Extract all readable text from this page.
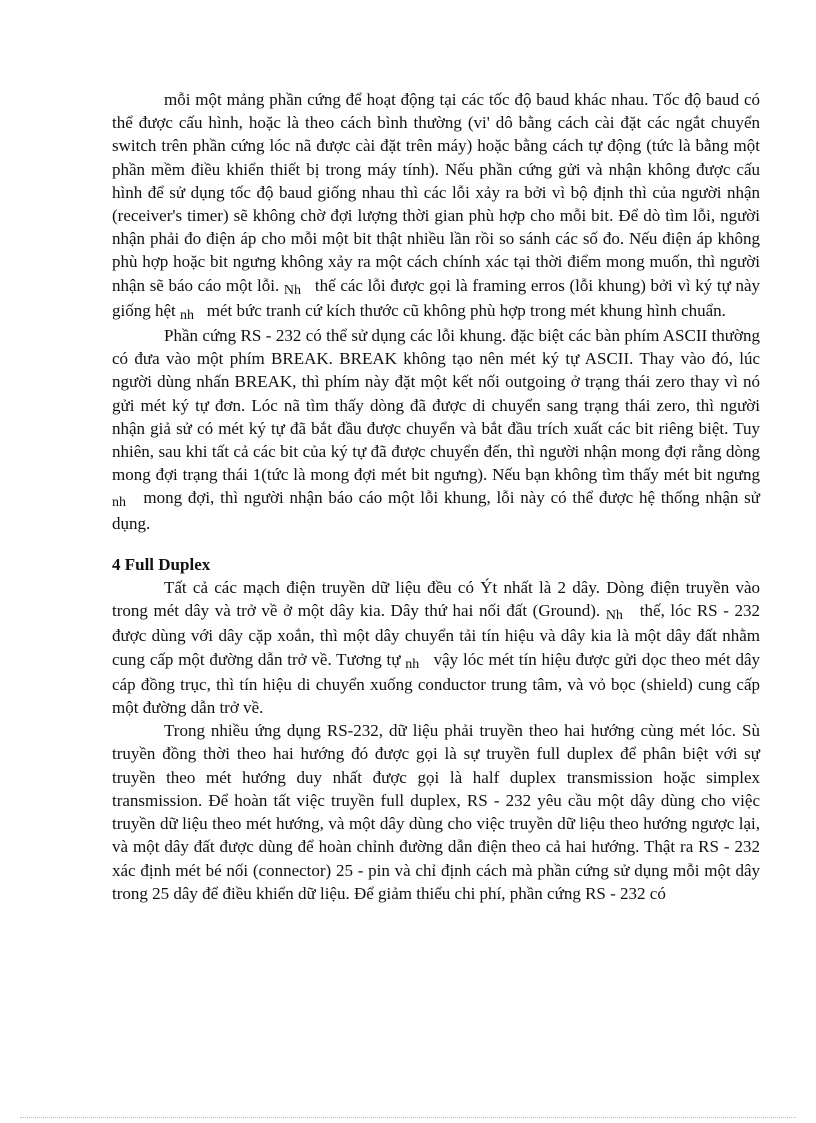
mỗi một mảng phần cứng để hoạt động tại các tốc độ baud khác nhau. Tốc độ baud có thể được cấu hình, hoặc là theo cách bình thường (vi' dô bằng cách cài đặt các ngắt chuyển switch trên phần cứng lóc nã được cài đặt trên máy) hoặc bằng cách tự động (tức là bằng một phần mềm điều khiển thiết bị trong máy tính). Nếu phần cứng gửi và nhận không được cấu hình để sử dụng tốc độ baud giống nhau thì các lỗi xảy ra bởi vì bộ định thì của người nhận (receiver's timer) sẽ không chờ đợi lượng thời gian phù hợp cho mỗi bit. Để dò tìm lỗi, người nhận phải đo điện áp cho mỗi một bit thật nhiều lần rồi so sánh các số đo. Nếu điện áp không phù hợp hoặc bit ngưng không xảy ra một cách chính xác tại thời điểm mong muốn, thì người nhận sẽ báo cáo một lỗi. Nh thế các lỗi được gọi là framing erros (lỗi khung) bởi vì ký tự này giống hệt nh mét bức tranh cứ kích thước cũ không phù hợp trong mét khung hình chuẩn.

Phần cứng RS - 232 có thể sử dụng các lỗi khung. đặc biệt các bàn phím ASCII thường có đưa vào một phím BREAK. BREAK không tạo nên mét ký tự ASCII. Thay vào đó, lúc người dùng nhấn BREAK, thì phím này đặt một kết nối outgoing ở trạng thái zero thay vì nó gửi mét ký tự đơn. Lóc nã tìm thấy dòng đã được di chuyển sang trạng thái zero, thì người nhận giả sử có mét ký tự đã bắt đầu được chuyển và bắt đầu trích xuất các bit riêng biệt. Tuy nhiên, sau khi tất cả các bit của ký tự đã được chuyển đến, thì người nhận mong đợi rằng dòng mong đợi trạng thái 1(tức là mong đợi mét bit ngưng). Nếu bạn không tìm thấy mét bit ngưng nh mong đợi, thì người nhận báo cáo một lỗi khung, lỗi này có thể được hệ thống nhận sử dụng.

4 Full Duplex

Tất cả các mạch điện truyền dữ liệu đều có Ýt nhất là 2 dây. Dòng điện truyền vào trong mét dây và trở về ở một dây kia. Dây thứ hai nối đất (Ground). Nh thế, lóc RS - 232 được dùng với dây cặp xoắn, thì một dây chuyển tải tín hiệu và dây kia là một dây đất nhằm cung cấp một đường dẫn trở về. Tương tự nh vậy lóc mét tín hiệu được gửi dọc theo mét dây cáp đồng trục, thì tín hiệu di chuyển xuống conductor trung tâm, và vỏ bọc (shield) cung cấp một đường dẫn trở về.

Trong nhiều ứng dụng RS-232, dữ liệu phải truyền theo hai hướng cùng mét lóc. Sù truyền đồng thời theo hai hướng đó được gọi là sự truyền full duplex để phân biệt với sự truyền theo mét hướng duy nhất được gọi là half duplex transmission hoặc simplex transmission. Để hoàn tất việc truyền full duplex, RS - 232 yêu cầu một dây dùng cho việc truyền dữ liệu theo mét hướng, và một dây dùng cho việc truyền dữ liệu theo hướng ngược lại, và một dây đất được dùng để hoàn chỉnh đường dẫn điện theo cả hai hướng. Thật ra RS - 232 xác định mét bé nối (connector) 25 - pin và chỉ định cách mà phần cứng sử dụng mỗi một dây trong 25 dây để điều khiển dữ liệu. Để giảm thiểu chi phí, phần cứng RS - 232 có
